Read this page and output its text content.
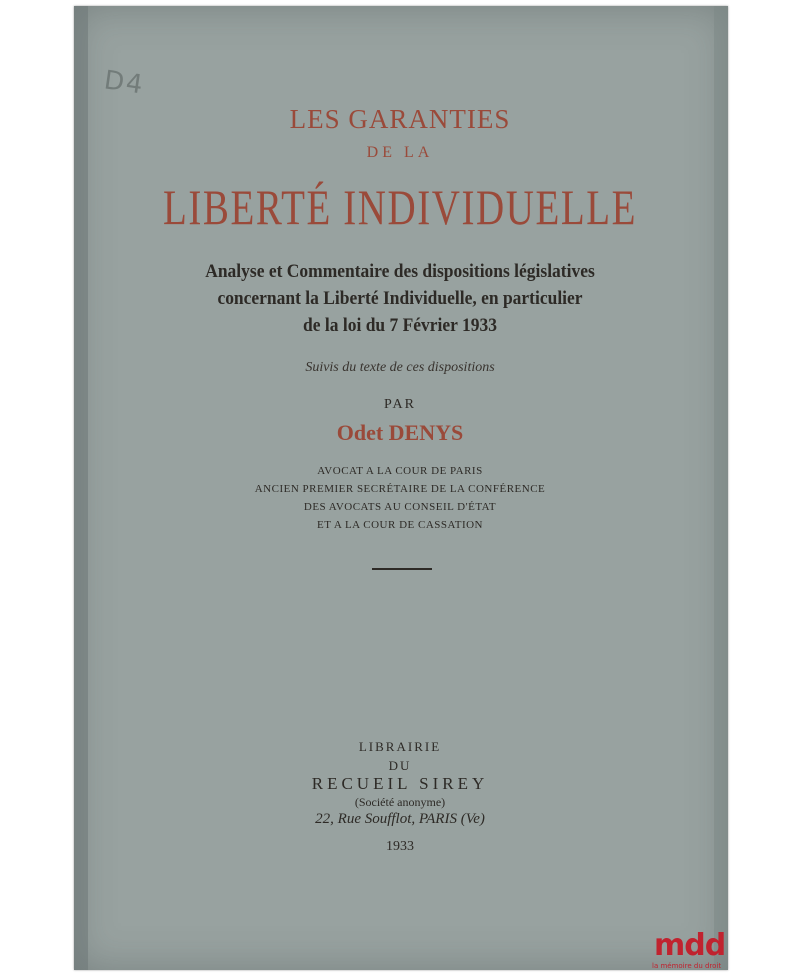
D4
LES GARANTIES
DE LA
LIBERTÉ INDIVIDUELLE
Analyse et Commentaire des dispositions législatives
concernant la Liberté Individuelle, en particulier
de la loi du 7 Février 1933
Suivis du texte de ces dispositions
PAR
Odet DENYS
AVOCAT A LA COUR DE PARIS
ANCIEN PREMIER SECRÉTAIRE DE LA CONFÉRENCE
DES AVOCATS AU CONSEIL D'ÉTAT
ET A LA COUR DE CASSATION
LIBRAIRIE
DU
RECUEIL SIREY
(Société anonyme)
22, Rue Soufflot, PARIS (Ve)
1933
mdd
la mémoire du droit
